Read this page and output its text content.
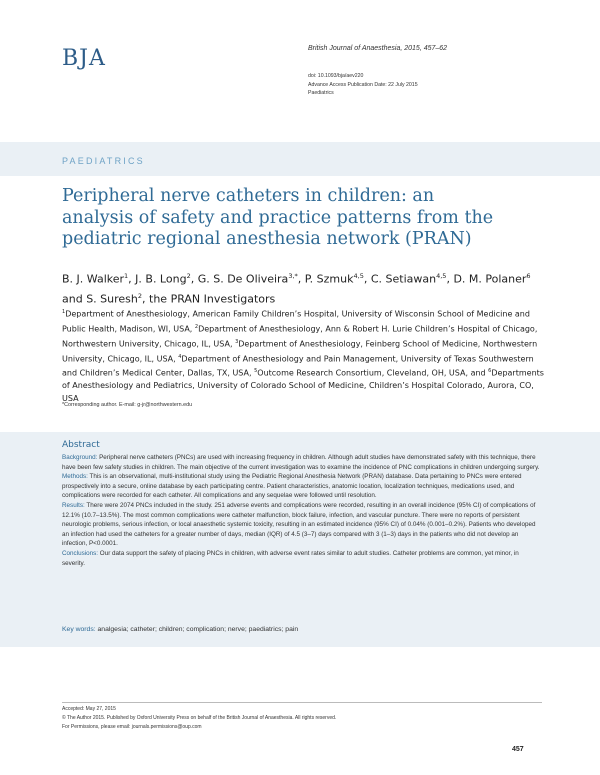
BJA	British Journal of Anaesthesia, 2015, 457–62
doi: 10.1093/bja/aev220
Advance Access Publication Date: 22 July 2015
Paediatrics
PAEDIATRICS
Peripheral nerve catheters in children: an analysis of safety and practice patterns from the pediatric regional anesthesia network (PRAN)
B. J. Walker$^1$, J. B. Long$^2$, G. S. De Oliveira$^{3,*}$, P. Szmuk$^{4,5}$, C. Setiawan$^{4,5}$, D. M. Polaner$^6$ and S. Suresh$^2$, the PRAN Investigators
$^1$Department of Anesthesiology, American Family Children’s Hospital, University of Wisconsin School of Medicine and Public Health, Madison, WI, USA, $^2$Department of Anesthesiology, Ann & Robert H. Lurie Children’s Hospital of Chicago, Northwestern University, Chicago, IL, USA, $^3$Department of Anesthesiology, Feinberg School of Medicine, Northwestern University, Chicago, IL, USA, $^4$Department of Anesthesiology and Pain Management, University of Texas Southwestern and Children’s Medical Center, Dallas, TX, USA, $^5$Outcome Research Consortium, Cleveland, OH, USA, and $^6$Departments of Anesthesiology and Pediatrics, University of Colorado School of Medicine, Children’s Hospital Colorado, Aurora, CO, USA
*Corresponding author. E-mail: g-jr@northwestern.edu
Abstract

Background: Peripheral nerve catheters (PNCs) are used with increasing frequency in children. Although adult studies have demonstrated safety with this technique, there have been few safety studies in children. The main objective of the current investigation was to examine the incidence of PNC complications in children undergoing surgery.

Methods: This is an observational, multi-institutional study using the Pediatric Regional Anesthesia Network (PRAN) database. Data pertaining to PNCs were entered prospectively into a secure, online database by each participating centre. Patient characteristics, anatomic location, localization techniques, medications used, and complications were recorded for each catheter. All complications and any sequelae were followed until resolution.

Results: There were 2074 PNCs included in the study. 251 adverse events and complications were recorded, resulting in an overall incidence (95% CI) of complications of 12.1% (10.7–13.5%). The most common complications were catheter malfunction, block failure, infection, and vascular puncture. There were no reports of persistent neurologic problems, serious infection, or local anaesthetic systemic toxicity, resulting in an estimated incidence (95% CI) of 0.04% (0.001–0.2%). Patients who developed an infection had used the catheters for a greater number of days, median (IQR) of 4.5 (3–7) days compared with 3 (1–3) days in the patients who did not develop an infection, P<0.0001.

Conclusions: Our data support the safety of placing PNCs in children, with adverse event rates similar to adult studies. Catheter problems are common, yet minor, in severity.

Key words: analgesia; catheter; children; complication; nerve; paediatrics; pain
Accepted: May 27, 2015
© The Author 2015. Published by Oxford University Press on behalf of the British Journal of Anaesthesia. All rights reserved.
For Permissions, please email: journals.permissions@oup.com
457
